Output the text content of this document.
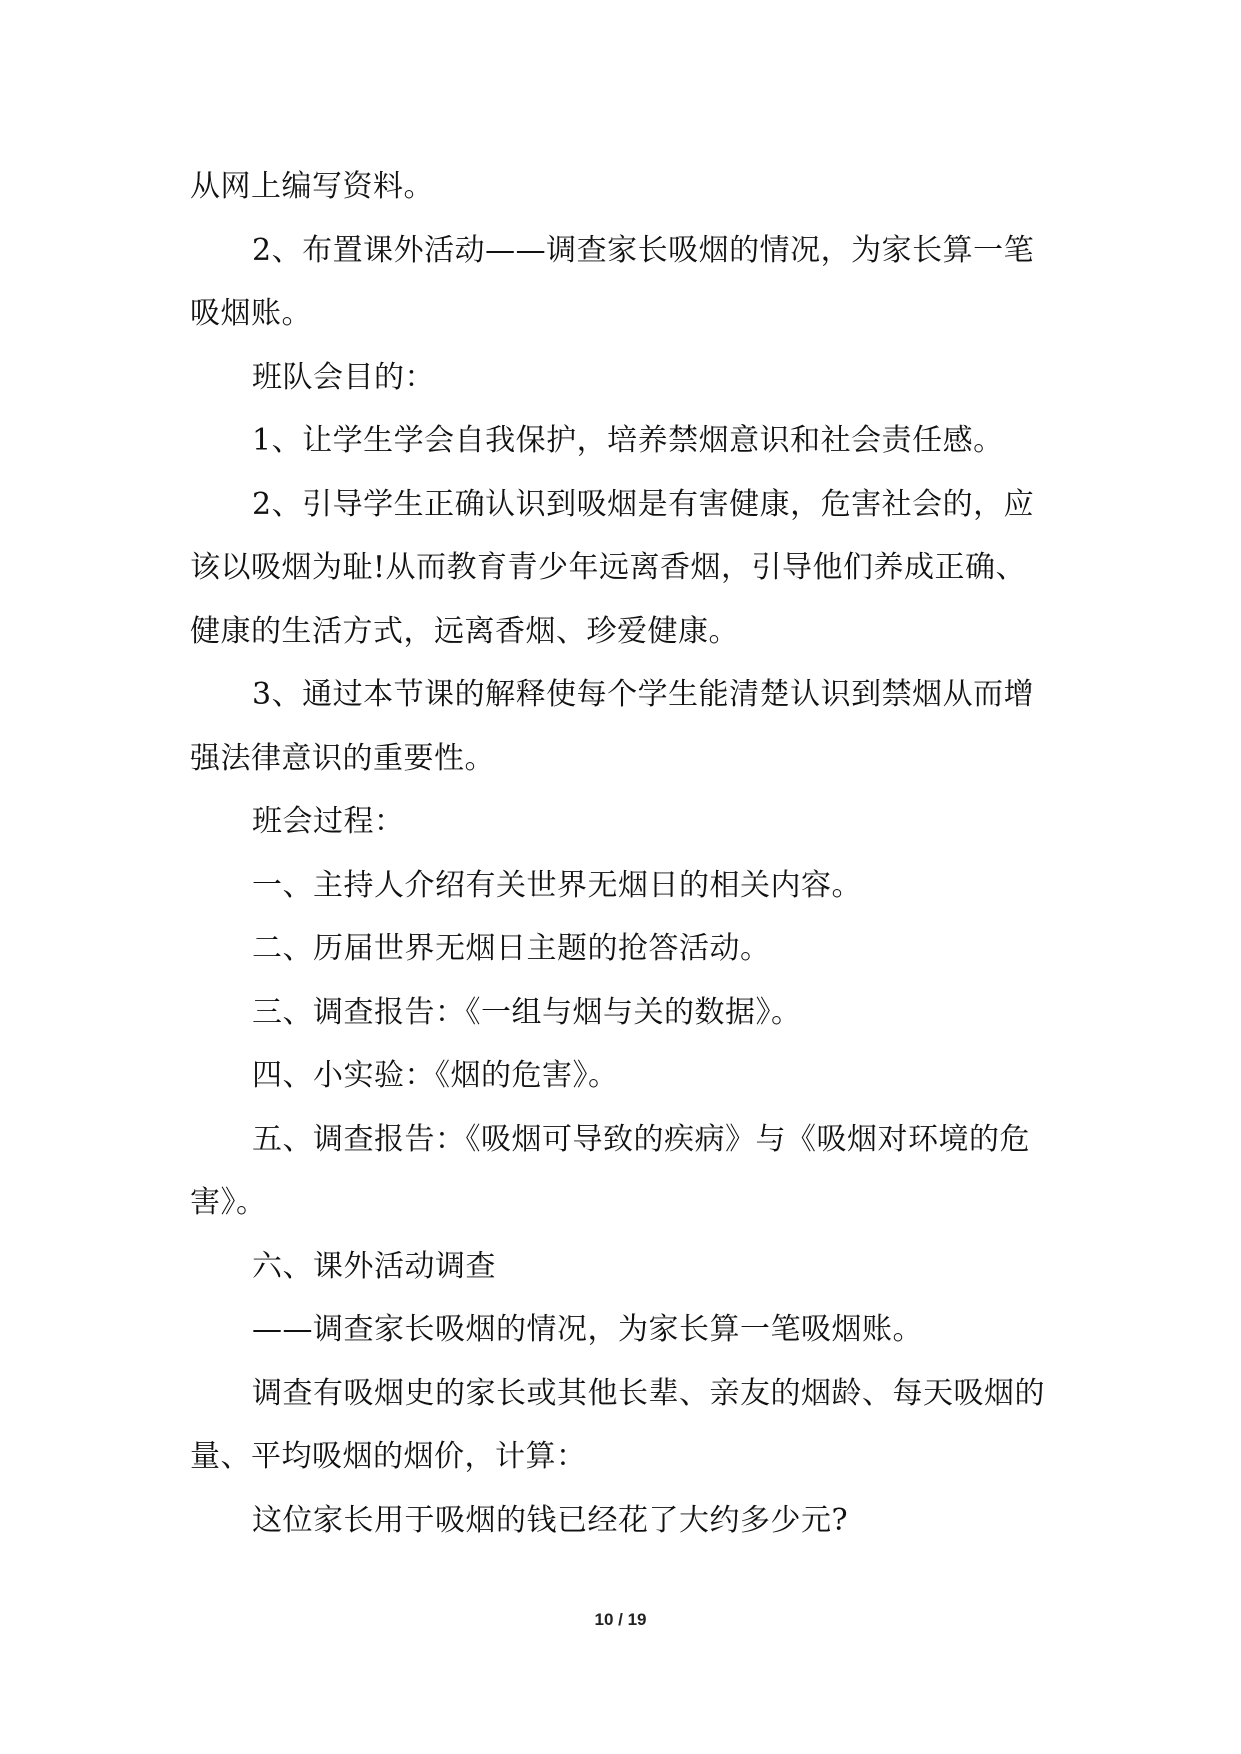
从网上编写资料。
2、布置课外活动——调查家长吸烟的情况，为家长算一笔
吸烟账。
班队会目的：
1、让学生学会自我保护，培养禁烟意识和社会责任感。
2、引导学生正确认识到吸烟是有害健康，危害社会的，应
该以吸烟为耻!从而教育青少年远离香烟，引导他们养成正确、
健康的生活方式，远离香烟、珍爱健康。
3、通过本节课的解释使每个学生能清楚认识到禁烟从而增
强法律意识的重要性。
班会过程：
一、主持人介绍有关世界无烟日的相关内容。
二、历届世界无烟日主题的抢答活动。
三、调查报告：《一组与烟与关的数据》。
四、小实验：《烟的危害》。
五、调查报告：《吸烟可导致的疾病》与《吸烟对环境的危
害》。
六、课外活动调查
——调查家长吸烟的情况，为家长算一笔吸烟账。
调查有吸烟史的家长或其他长辈、亲友的烟龄、每天吸烟的
量、平均吸烟的烟价，计算：
这位家长用于吸烟的钱已经花了大约多少元?
10 / 19
